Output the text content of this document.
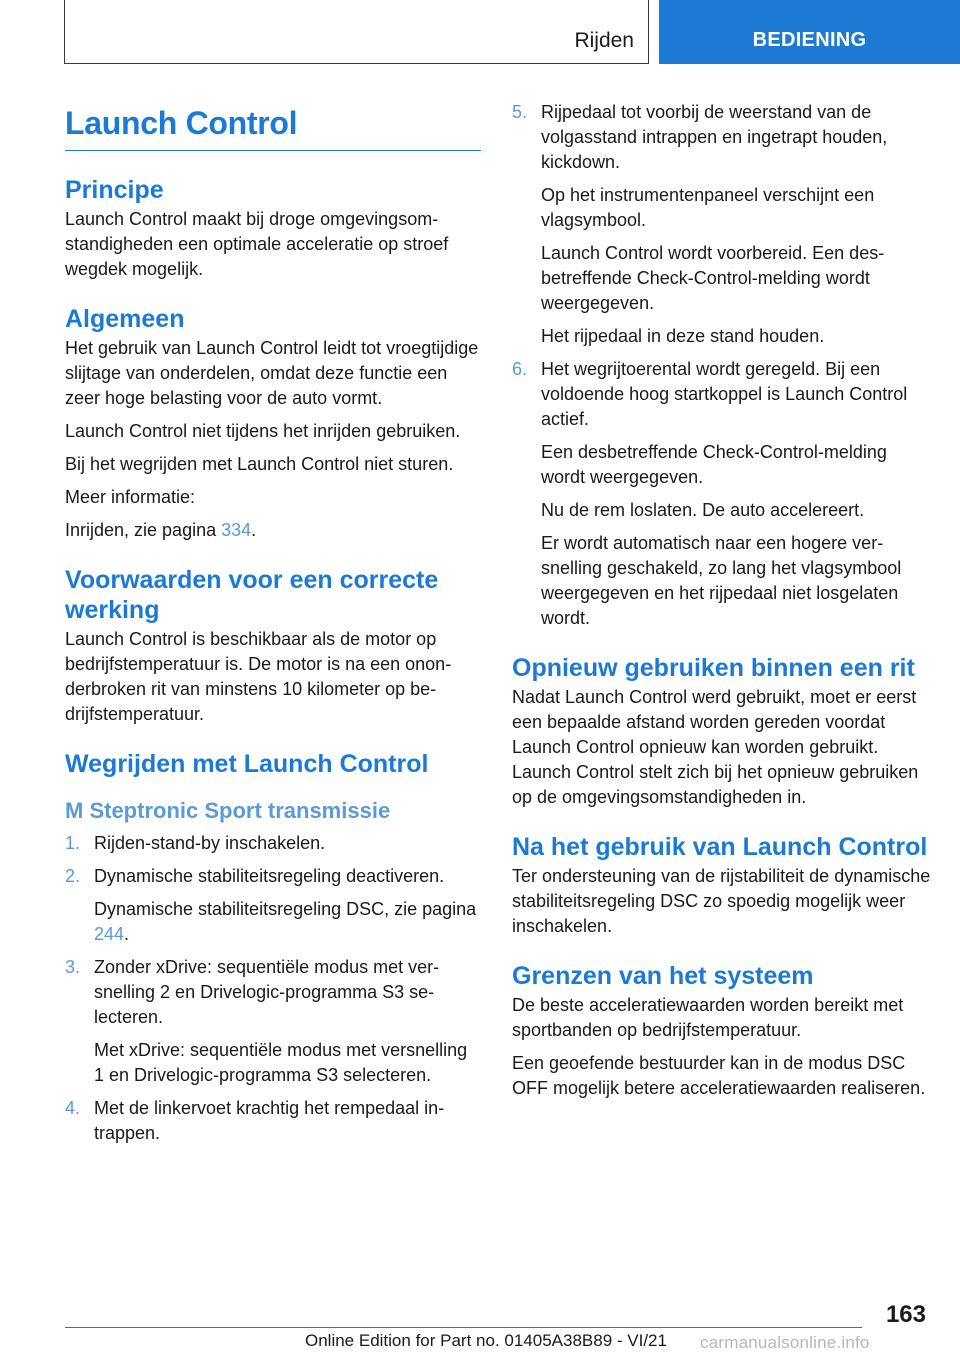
Rijden	BEDIENING
Launch Control
Principe

Launch Control maakt bij droge omgevingsomstandigheden een optimale acceleratie op stroef wegdek mogelijk.

Algemeen

Het gebruik van Launch Control leidt tot vroegtijdige slijtage van onderdelen, omdat deze functie een zeer hoge belasting voor de auto vormt.

Launch Control niet tijdens het inrijden gebruiken.

Bij het wegrijden met Launch Control niet sturen.

Meer informatie:

Inrijden, zie pagina 334.

Voorwaarden voor een correcte werking

Launch Control is beschikbaar als de motor op bedrijfstemperatuur is. De motor is na een ononderbroken rit van minstens 10 kilometer op bedrijfstemperatuur.

Wegrijden met Launch Control
M Steptronic Sport transmissie
1. Rijden-stand-by inschakelen.

2. Dynamische stabiliteitsregeling deactiveren.

Dynamische stabiliteitsregeling DSC, zie pagina 244.

3. Zonder xDrive: sequentiële modus met versnelling 2 en Drivelogic-programma S3 selecteren.

Met xDrive: sequentiële modus met versnelling 1 en Drivelogic-programma S3 selecteren.

4. Met de linkervoet krachtig het rempedaal intrappen.

5. Rijpedaal tot voorbij de weerstand van de volgasstand intrappen en ingetrapt houden, kickdown.

Op het instrumentenpaneel verschijnt een vlagsymbool.

Launch Control wordt voorbereid. Een desbetreffende Check-Control-melding wordt weergegeven.

Het rijpedaal in deze stand houden.

6. Het wegrijtoerental wordt geregeld. Bij een voldoende hoog startkoppel is Launch Control actief.

Een desbetreffende Check-Control-melding wordt weergegeven.

Nu de rem loslaten. De auto accelereert.

Er wordt automatisch naar een hogere versnelling geschakeld, zo lang het vlagsymbool weergegeven en het rijpedaal niet losgelaten wordt.

Opnieuw gebruiken binnen een rit

Nadat Launch Control werd gebruikt, moet er eerst een bepaalde afstand worden gereden voordat Launch Control opnieuw kan worden gebruikt. Launch Control stelt zich bij het opnieuw gebruiken op de omgevingsomstandigheden in.

Na het gebruik van Launch Control

Ter ondersteuning van de rijstabiliteit de dynamische stabiliteitsregeling DSC zo spoedig mogelijk weer inschakelen.

Grenzen van het systeem

De beste acceleratiewaarden worden bereikt met sportbanden op bedrijfstemperatuur.

Een geoefende bestuurder kan in de modus DSC OFF mogelijk betere acceleratiewaarden realiseren.

163
Online Edition for Part no. 01405A38B89 - VI/21 carmanualsonline.info
